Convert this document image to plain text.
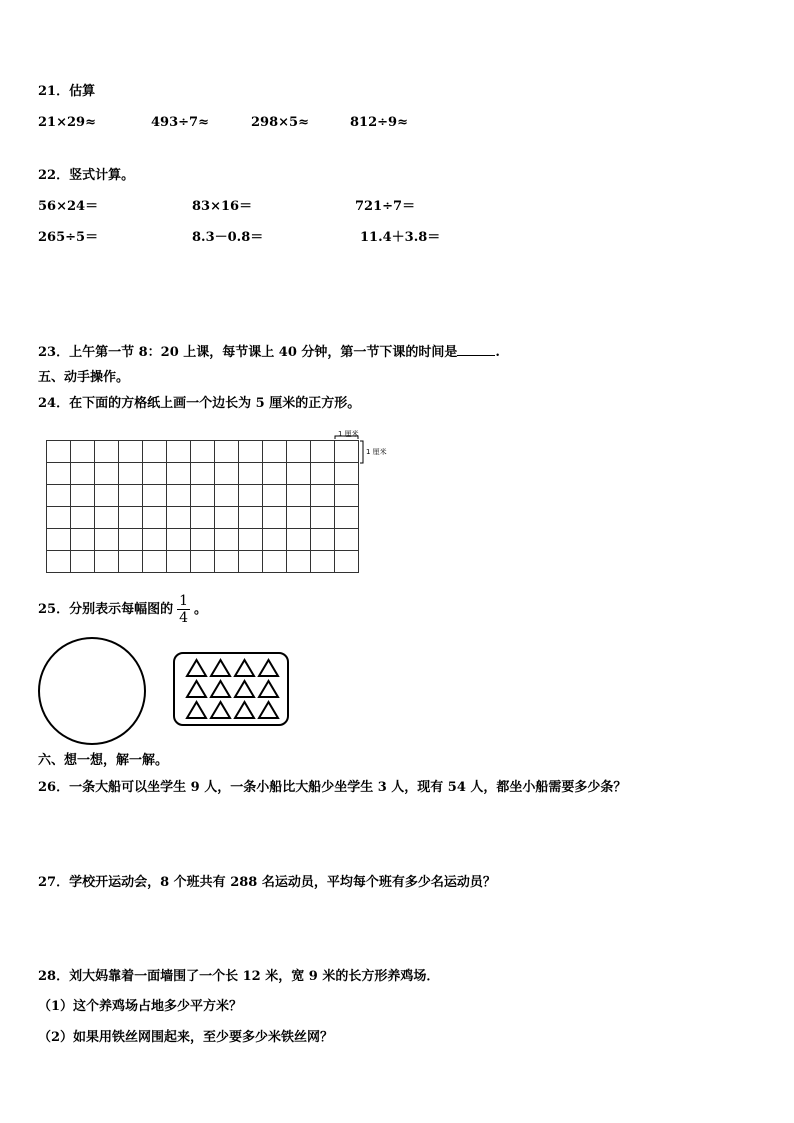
21．估算
21×29≈	493÷7≈	298×5≈	812÷9≈
22．竖式计算。
56×24＝	83×16＝	721÷7＝
265÷5＝	8.3－0.8＝	11.4＋3.8＝
23．上午第一节 8：20 上课，每节课上 40 分钟，第一节下课的时间是	.
五、动手操作。
24．在下面的方格纸上画一个边长为 5 厘米的正方形。
1 厘米
1 厘米
25．分别表示每幅图的 $\frac{1}{4}$ 。
六、想一想，解一解。
26．一条大船可以坐学生 9 人，一条小船比大船少坐学生 3 人，现有 54 人，都坐小船需要多少条？
27．学校开运动会，8 个班共有 288 名运动员，平均每个班有多少名运动员？
28．刘大妈靠着一面墙围了一个长 12 米，宽 9 米的长方形养鸡场．
（1）这个养鸡场占地多少平方米？
（2）如果用铁丝网围起来，至少要多少米铁丝网？
